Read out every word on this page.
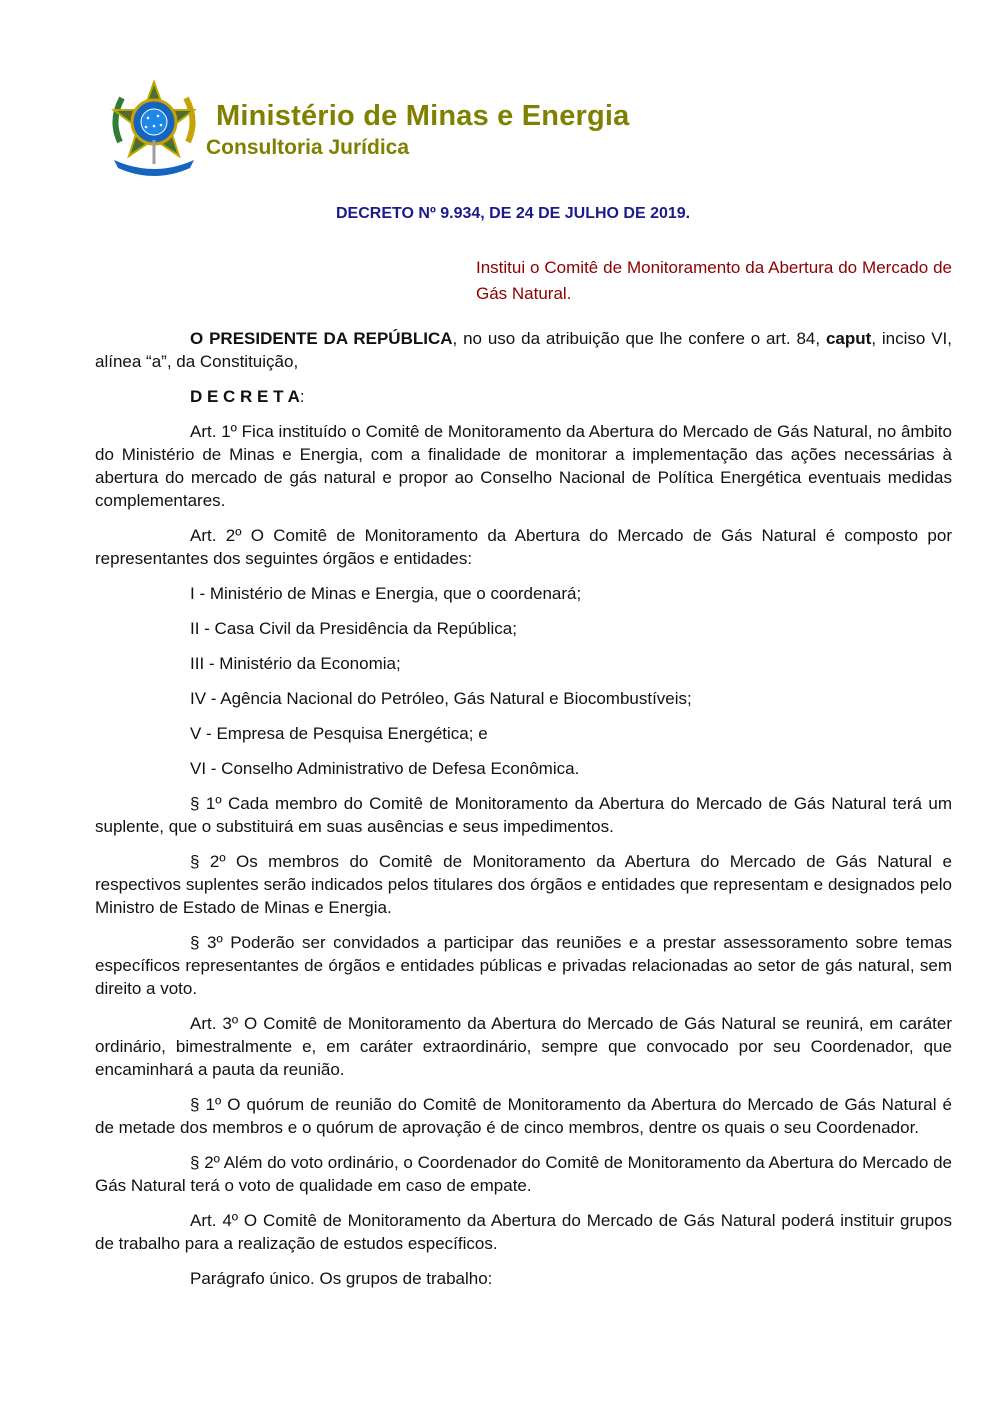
Ministério de Minas e Energia
Consultoria Jurídica
DECRETO Nº 9.934, DE 24 DE JULHO DE 2019.
Institui o Comitê de Monitoramento da Abertura do Mercado de Gás Natural.

O PRESIDENTE DA REPÚBLICA, no uso da atribuição que lhe confere o art. 84, caput, inciso VI, alínea “a”, da Constituição,

D E C R E T A:

Art. 1º Fica instituído o Comitê de Monitoramento da Abertura do Mercado de Gás Natural, no âmbito do Ministério de Minas e Energia, com a finalidade de monitorar a implementação das ações necessárias à abertura do mercado de gás natural e propor ao Conselho Nacional de Política Energética eventuais medidas complementares.

Art. 2º O Comitê de Monitoramento da Abertura do Mercado de Gás Natural é composto por representantes dos seguintes órgãos e entidades:

I - Ministério de Minas e Energia, que o coordenará;
II - Casa Civil da Presidência da República;
III - Ministério da Economia;
IV - Agência Nacional do Petróleo, Gás Natural e Biocombustíveis;
V - Empresa de Pesquisa Energética; e
VI - Conselho Administrativo de Defesa Econômica.

§ 1º Cada membro do Comitê de Monitoramento da Abertura do Mercado de Gás Natural terá um suplente, que o substituirá em suas ausências e seus impedimentos.

§ 2º Os membros do Comitê de Monitoramento da Abertura do Mercado de Gás Natural e respectivos suplentes serão indicados pelos titulares dos órgãos e entidades que representam e designados pelo Ministro de Estado de Minas e Energia.

§ 3º Poderão ser convidados a participar das reuniões e a prestar assessoramento sobre temas específicos representantes de órgãos e entidades públicas e privadas relacionadas ao setor de gás natural, sem direito a voto.

Art. 3º O Comitê de Monitoramento da Abertura do Mercado de Gás Natural se reunirá, em caráter ordinário, bimestralmente e, em caráter extraordinário, sempre que convocado por seu Coordenador, que encaminhará a pauta da reunião.

§ 1º O quórum de reunião do Comitê de Monitoramento da Abertura do Mercado de Gás Natural é de metade dos membros e o quórum de aprovação é de cinco membros, dentre os quais o seu Coordenador.

§ 2º Além do voto ordinário, o Coordenador do Comitê de Monitoramento da Abertura do Mercado de Gás Natural terá o voto de qualidade em caso de empate.

Art. 4º O Comitê de Monitoramento da Abertura do Mercado de Gás Natural poderá instituir grupos de trabalho para a realização de estudos específicos.

Parágrafo único. Os grupos de trabalho:
